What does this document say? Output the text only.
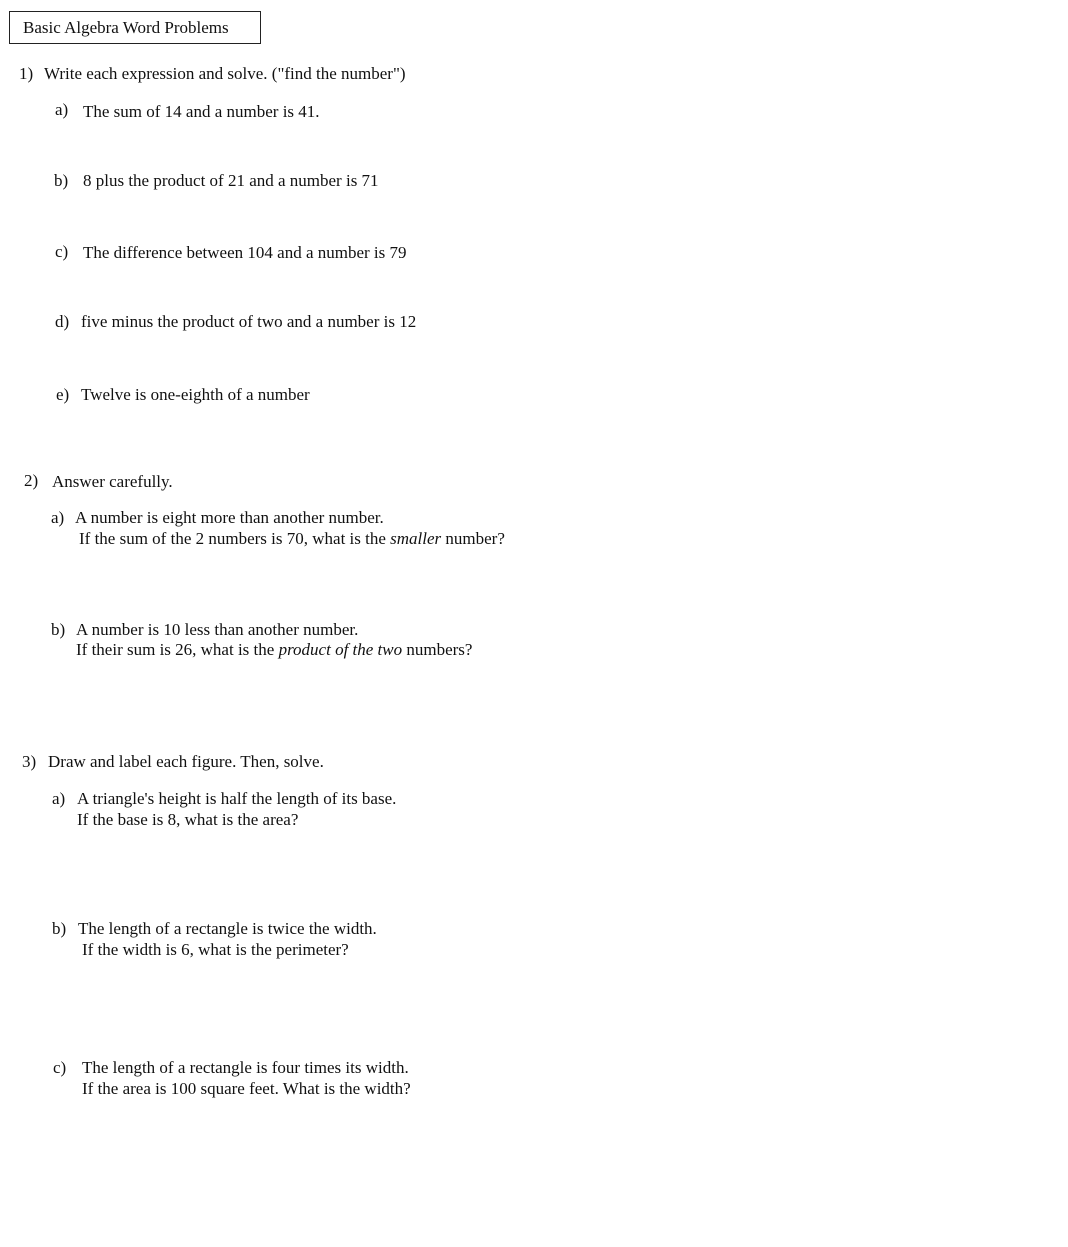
Basic Algebra Word Problems
1) Write each expression and solve. ("find the number")
a) The sum of 14 and a number is 41.
b) 8 plus the product of 21 and a number is 71
c) The difference between 104 and a number is 79
d) five minus the product of two and a number is 12
e) Twelve is one-eighth of a number
2) Answer carefully.
a) A number is eight more than another number.
If the sum of the 2 numbers is 70, what is the smaller number?
b) A number is 10 less than another number.
If their sum is 26, what is the product of the two numbers?
3) Draw and label each figure. Then, solve.
a) A triangle's height is half the length of its base.
If the base is 8, what is the area?
b) The length of a rectangle is twice the width.
If the width is 6, what is the perimeter?
c) The length of a rectangle is four times its width.
If the area is 100 square feet. What is the width?
